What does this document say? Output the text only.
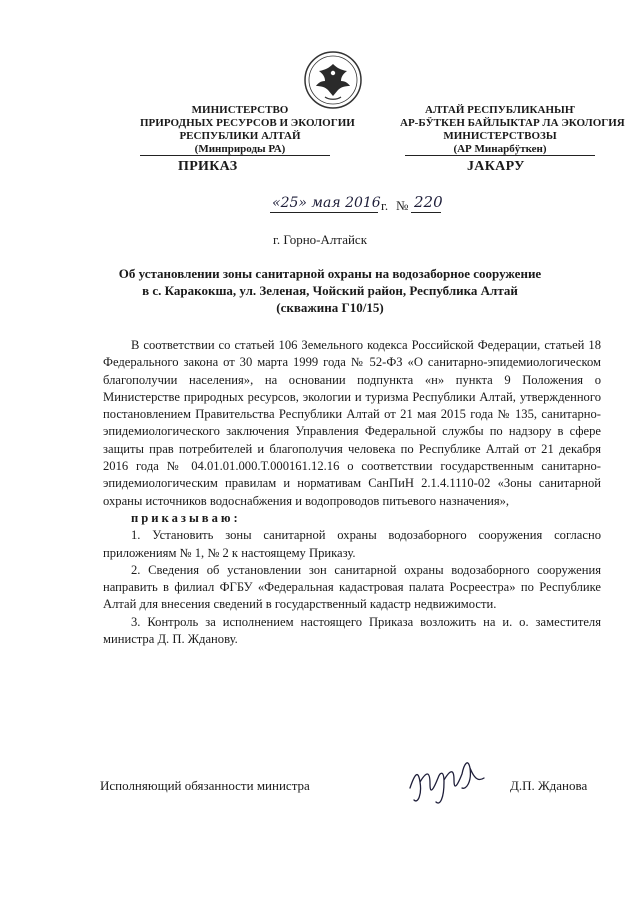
МИНИСТЕРСТВО
ПРИРОДНЫХ РЕСУРСОВ И ЭКОЛОГИИ
РЕСПУБЛИКИ АЛТАЙ
(Минприроды РА)
АЛТАЙ РЕСПУБЛИКАНЫҤ
АР-БӰТКЕН БАЙЛЫКТАР ЛА ЭКОЛОГИЯ
МИНИСТЕРСТВОЗЫ
(АР Минарбӱткен)
ПРИКАЗ	ЈАКАРУ
«25» мая 2016 г. № 220
г. Горно-Алтайск
Об установлении зоны санитарной охраны на водозаборное сооружение
в с. Каракокша, ул. Зеленая, Чойский район, Республика Алтай
(скважина Г10/15)

В соответствии со статьей 106 Земельного кодекса Российской Федерации, статьей 18 Федерального закона от 30 марта 1999 года № 52-ФЗ «О санитарно-эпидемиологическом благополучии населения», на основании подпункта «н» пункта 9 Положения о Министерстве природных ресурсов, экологии и туризма Республики Алтай, утвержденного постановлением Правительства Республики Алтай от 21 мая 2015 года № 135, санитарно-эпидемиологического заключения Управления Федеральной службы по надзору в сфере защиты прав потребителей и благополучия человека по Республике Алтай от 21 декабря 2016 года № 04.01.01.000.Т.000161.12.16 о соответствии государственным санитарно-эпидемиологическим правилам и нормативам СанПиН 2.1.4.1110-02 «Зоны санитарной охраны источников водоснабжения и водопроводов питьевого назначения»,

приказываю:

1. Установить зоны санитарной охраны водозаборного сооружения согласно приложениям № 1, № 2 к настоящему Приказу.

2. Сведения об установлении зон санитарной охраны водозаборного сооружения направить в филиал ФГБУ «Федеральная кадастровая палата Росреестра» по Республике Алтай для внесения сведений в государственный кадастр недвижимости.

3. Контроль за исполнением настоящего Приказа возложить на и. о. заместителя министра Д. П. Жданову.

Исполняющий обязанности министра	Д.П. Жданова
